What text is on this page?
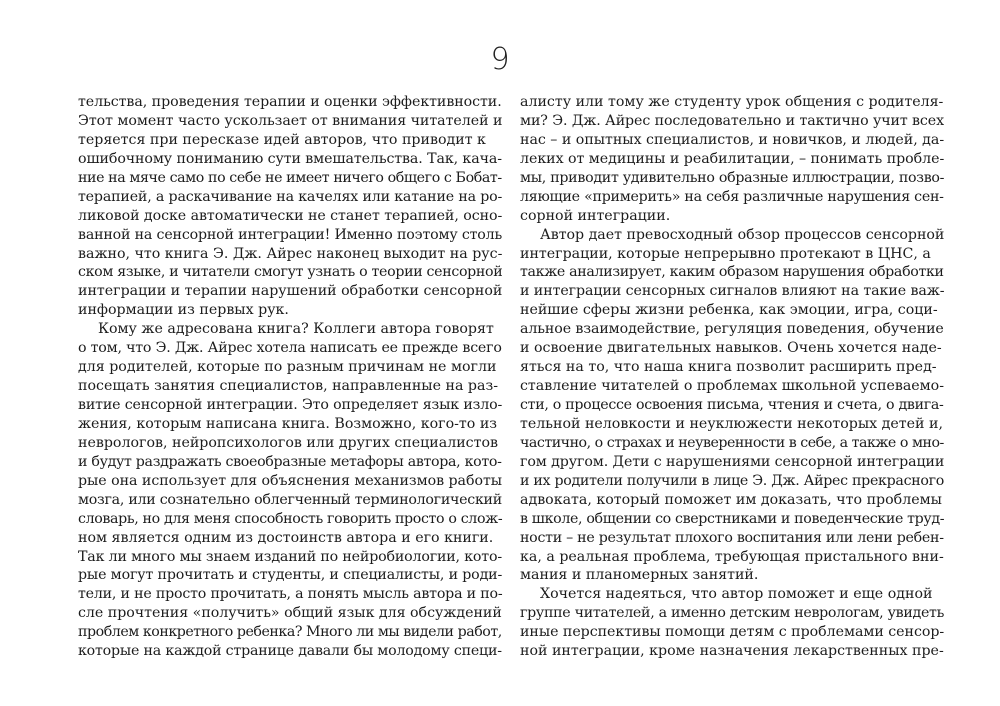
9
тельства, проведения терапии и оценки эффективности.
Этот момент часто ускользает от внимания читателей и
теряется при пересказе идей авторов, что приводит к
ошибочному пониманию сути вмешательства. Так, кача-
ние на мяче само по себе не имеет ничего общего с Бобат-
терапией, а раскачивание на качелях или катание на ро-
ликовой доске автоматически не станет терапией, осно-
ванной на сенсорной интеграции! Именно поэтому столь
важно, что книга Э. Дж. Айрес наконец выходит на рус-
ском языке, и читатели смогут узнать о теории сенсорной
интеграции и терапии нарушений обработки сенсорной
информации из первых рук.
Кому же адресована книга? Коллеги автора говорят
о том, что Э. Дж. Айрес хотела написать ее прежде всего
для родителей, которые по разным причинам не могли
посещать занятия специалистов, направленные на раз-
витие сенсорной интеграции. Это определяет язык изло-
жения, которым написана книга. Возможно, кого-то из
неврологов, нейропсихологов или других специалистов
и будут раздражать своеобразные метафоры автора, кото-
рые она использует для объяснения механизмов работы
мозга, или сознательно облегченный терминологический
словарь, но для меня способность говорить просто о слож-
ном является одним из достоинств автора и его книги.
Так ли много мы знаем изданий по нейробиологии, кото-
рые могут прочитать и студенты, и специалисты, и роди-
тели, и не просто прочитать, а понять мысль автора и по-
сле прочтения «получить» общий язык для обсуждений
проблем конкретного ребенка? Много ли мы видели работ,
которые на каждой странице давали бы молодому специ-
алисту или тому же студенту урок общения с родителя-
ми? Э. Дж. Айрес последовательно и тактично учит всех
нас – и опытных специалистов, и новичков, и людей, да-
леких от медицины и реабилитации, – понимать пробле-
мы, приводит удивительно образные иллюстрации, позво-
ляющие «примерить» на себя различные нарушения сен-
сорной интеграции.
Автор дает превосходный обзор процессов сенсорной
интеграции, которые непрерывно протекают в ЦНС, а
также анализирует, каким образом нарушения обработки
и интеграции сенсорных сигналов влияют на такие важ-
нейшие сферы жизни ребенка, как эмоции, игра, соци-
альное взаимодействие, регуляция поведения, обучение
и освоение двигательных навыков. Очень хочется наде-
яться на то, что наша книга позволит расширить пред-
ставление читателей о проблемах школьной успеваемо-
сти, о процессе освоения письма, чтения и счета, о двига-
тельной неловкости и неуклюжести некоторых детей и,
частично, о страхах и неуверенности в себе, а также о мно-
гом другом. Дети с нарушениями сенсорной интеграции
и их родители получили в лице Э. Дж. Айрес прекрасного
адвоката, который поможет им доказать, что проблемы
в школе, общении со сверстниками и поведенческие труд-
ности – не результат плохого воспитания или лени ребен-
ка, а реальная проблема, требующая пристального вни-
мания и планомерных занятий.
Хочется надеяться, что автор поможет и еще одной
группе читателей, а именно детским неврологам, увидеть
иные перспективы помощи детям с проблемами сенсор-
ной интеграции, кроме назначения лекарственных пре-
